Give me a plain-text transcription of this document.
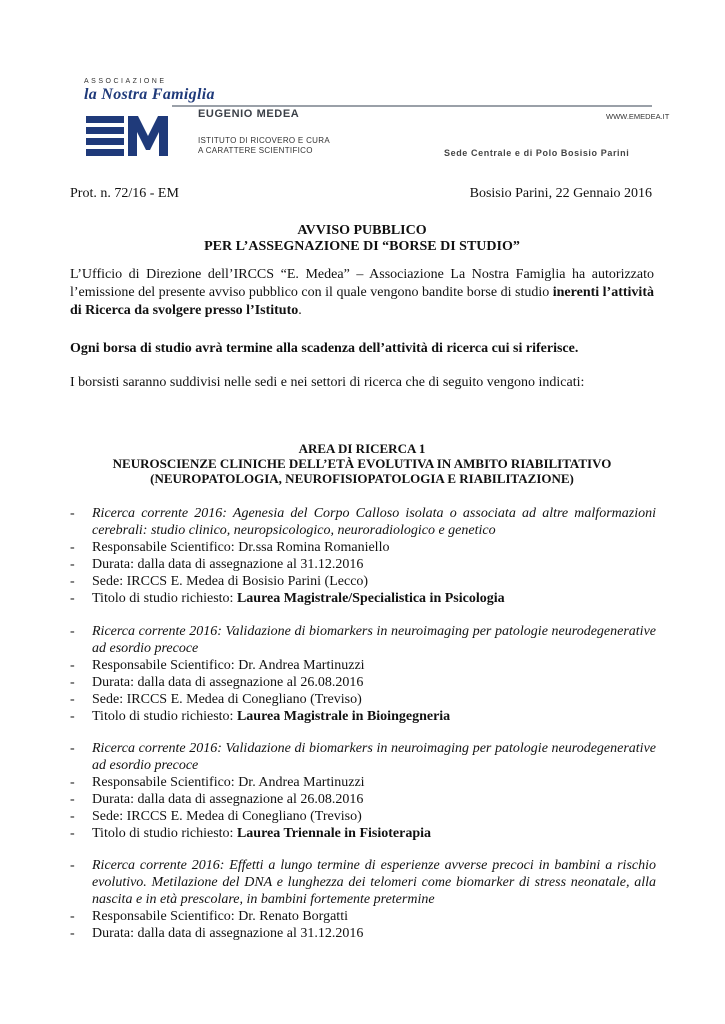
ASSOCIAZIONE
la Nostra Famiglia
EUGENIO MEDEA	WWW.EMEDEA.IT
ISTITUTO DI RICOVERO E CURA
A CARATTERE SCIENTIFICO	Sede Centrale e di Polo Bosisio Parini
Prot. n. 72/16 - EM	Bosisio Parini, 22 Gennaio 2016
AVVISO PUBBLICO
PER L’ASSEGNAZIONE DI “BORSE DI STUDIO”
L’Ufficio di Direzione dell’IRCCS “E. Medea” – Associazione La Nostra Famiglia ha autorizzato l’emissione del presente avviso pubblico con il quale vengono bandite borse di studio inerenti l’attività di Ricerca da svolgere presso l’Istituto.
Ogni borsa di studio avrà termine alla scadenza dell’attività di ricerca cui si riferisce.
I borsisti saranno suddivisi nelle sedi e nei settori di ricerca che di seguito vengono indicati:
AREA DI RICERCA 1
NEUROSCIENZE CLINICHE DELL’ETÀ EVOLUTIVA IN AMBITO RIABILITATIVO
(NEUROPATOLOGIA, NEUROFISIOPATOLOGIA E RIABILITAZIONE)
- Ricerca corrente 2016: Agenesia del Corpo Calloso isolata o associata ad altre malformazioni cerebrali: studio clinico, neuropsicologico, neuroradiologico e genetico
- Responsabile Scientifico: Dr.ssa Romina Romaniello
- Durata: dalla data di assegnazione al 31.12.2016
- Sede: IRCCS E. Medea di Bosisio Parini (Lecco)
- Titolo di studio richiesto: Laurea Magistrale/Specialistica in Psicologia
- Ricerca corrente 2016: Validazione di biomarkers in neuroimaging per patologie neurodegenerative ad esordio precoce
- Responsabile Scientifico: Dr. Andrea Martinuzzi
- Durata: dalla data di assegnazione al 26.08.2016
- Sede: IRCCS E. Medea di Conegliano (Treviso)
- Titolo di studio richiesto: Laurea Magistrale in Bioingegneria
- Ricerca corrente 2016: Validazione di biomarkers in neuroimaging per patologie neurodegenerative ad esordio precoce
- Responsabile Scientifico: Dr. Andrea Martinuzzi
- Durata: dalla data di assegnazione al 26.08.2016
- Sede: IRCCS E. Medea di Conegliano (Treviso)
- Titolo di studio richiesto: Laurea Triennale in Fisioterapia
- Ricerca corrente 2016: Effetti a lungo termine di esperienze avverse precoci in bambini a rischio evolutivo. Metilazione del DNA e lunghezza dei telomeri come biomarker di stress neonatale, alla nascita e in età prescolare, in bambini fortemente pretermine
- Responsabile Scientifico: Dr. Renato Borgatti
- Durata: dalla data di assegnazione al 31.12.2016
